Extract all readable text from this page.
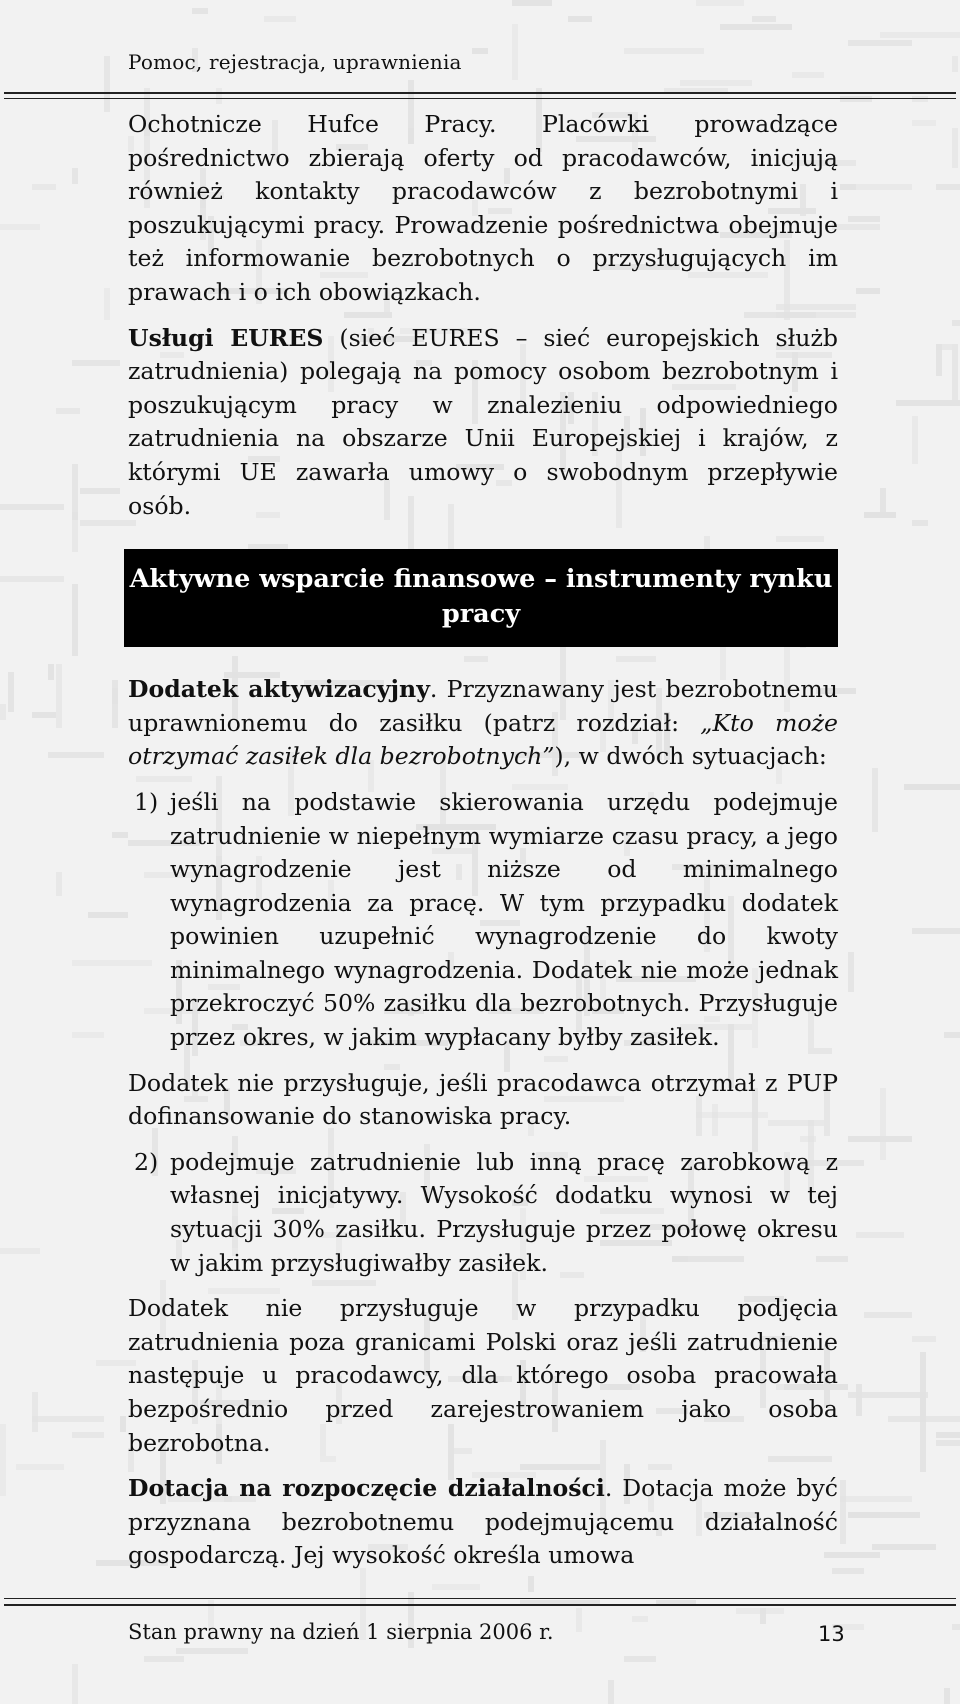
Pomoc, rejestracja, uprawnienia

Ochotnicze Hufce Pracy. Placówki prowadzące pośrednictwo zbierają oferty od pracodawców, inicjują również kontakty pracodawców z bezrobotnymi i poszukującymi pracy. Prowadzenie pośrednictwa obejmuje też informowanie bezrobotnych o przysługujących im prawach i o ich obowiązkach.

Usługi EURES (sieć EURES – sieć europejskich służb zatrudnienia) polegają na pomocy osobom bezrobotnym i poszukującym pracy w znalezieniu odpowiedniego zatrudnienia na obszarze Unii Europejskiej i krajów, z którymi UE zawarła umowy o swobodnym przepływie osób.

Aktywne wsparcie finansowe – instrumenty rynku pracy

Dodatek aktywizacyjny. Przyznawany jest bezrobotnemu uprawnionemu do zasiłku (patrz rozdział: „Kto może otrzymać zasiłek dla bezrobotnych”), w dwóch sytuacjach:

1) jeśli na podstawie skierowania urzędu podejmuje zatrudnienie w niepełnym wymiarze czasu pracy, a jego wynagrodzenie jest niższe od minimalnego wynagrodzenia za pracę. W tym przypadku dodatek powinien uzupełnić wynagrodzenie do kwoty minimalnego wynagrodzenia. Dodatek nie może jednak przekroczyć 50% zasiłku dla bezrobotnych. Przysługuje przez okres, w jakim wypłacany byłby zasiłek.

Dodatek nie przysługuje, jeśli pracodawca otrzymał z PUP dofinansowanie do stanowiska pracy.

2) podejmuje zatrudnienie lub inną pracę zarobkową z własnej inicjatywy. Wysokość dodatku wynosi w tej sytuacji 30% zasiłku. Przysługuje przez połowę okresu w jakim przysługiwałby zasiłek.

Dodatek nie przysługuje w przypadku podjęcia zatrudnienia poza granicami Polski oraz jeśli zatrudnienie następuje u pracodawcy, dla którego osoba pracowała bezpośrednio przed zarejestrowaniem jako osoba bezrobotna.

Dotacja na rozpoczęcie działalności. Dotacja może być przyznana bezrobotnemu podejmującemu działalność gospodarczą. Jej wysokość określa umowa

Stan prawny na dzień 1 sierpnia 2006 r.	13
